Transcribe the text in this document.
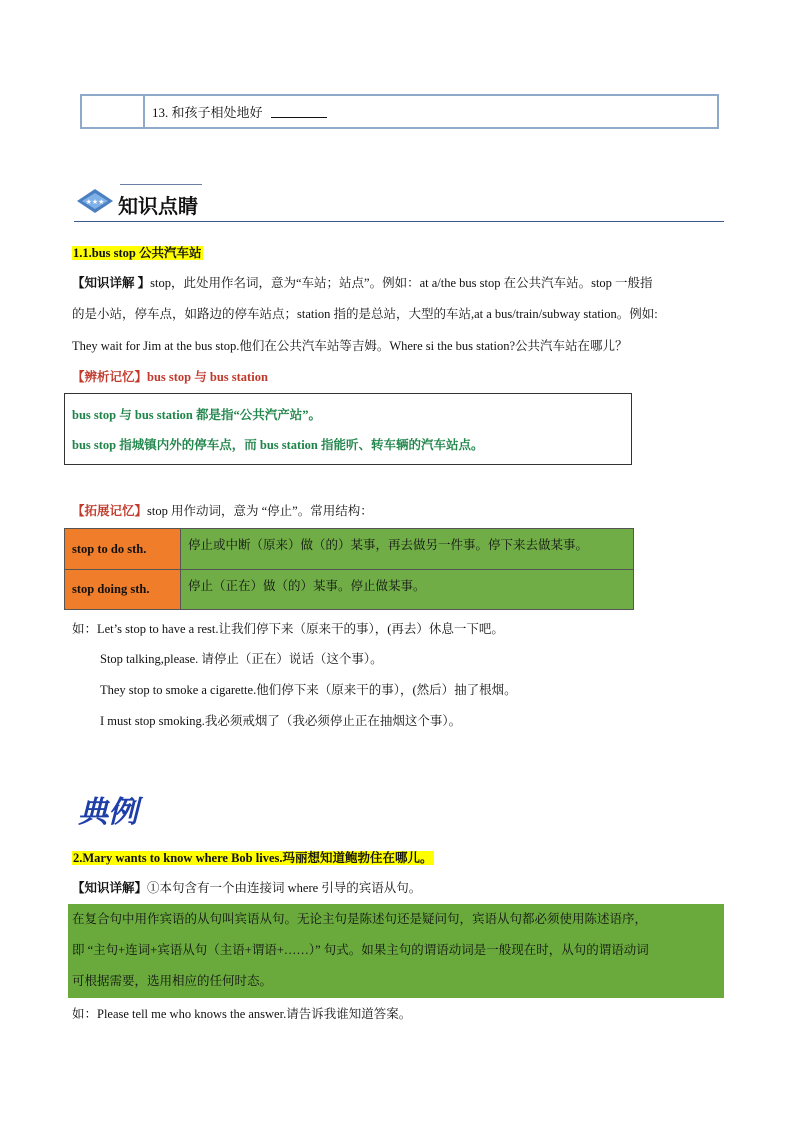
13. 和孩子相处地好
★★★ 知识点睛
1.1.bus stop 公共汽车站
【知识详解 】stop，此处用作名词，意为“车站；站点”。例如：at a/the bus stop 在公共汽车站。stop 一般指
的是小站，停车点，如路边的停车站点；station 指的是总站，大型的车站,at a bus/train/subway station。例如:
They wait for Jim at the bus stop.他们在公共汽车站等吉姆。Where si the bus station?公共汽车站在哪儿？
【辨析记忆】bus stop 与 bus station

bus stop 与 bus station 都是指“公共汽产站”。

bus stop 指城镇内外的停车点，而 bus station 指能听、转车辆的汽车站点。

【拓展记忆】stop 用作动词，意为 “停止”。常用结构：
stop to do sth.	停止或中断（原来）做（的）某事，再去做另一件事。停下来去做某事。
stop doing sth.	停止（正在）做（的）某事。停止做某事。
如：Let’s stop to have a rest.让我们停下来（原来干的事），(再去）休息一下吧。
Stop talking,please. 请停止（正在）说话（这个事）。
They stop to smoke a cigarette.他们停下来（原来干的事），(然后）抽了根烟。
I must stop smoking.我必须戒烟了（我必须停止正在抽烟这个事）。
典例
2.Mary wants to know where Bob lives.玛丽想知道鲍勃住在哪儿。
【知识详解】①本句含有一个由连接词 where 引导的宾语从句。

在复合句中用作宾语的从句叫宾语从句。无论主句是陈述句还是疑问句，宾语从句都必须使用陈述语序，

即 “主句+连词+宾语从句（主语+谓语+……）” 句式。如果主句的谓语动词是一般现在时，从句的谓语动词

可根据需要，选用相应的任何时态。

如：Please tell me who knows the answer.请告诉我谁知道答案。
